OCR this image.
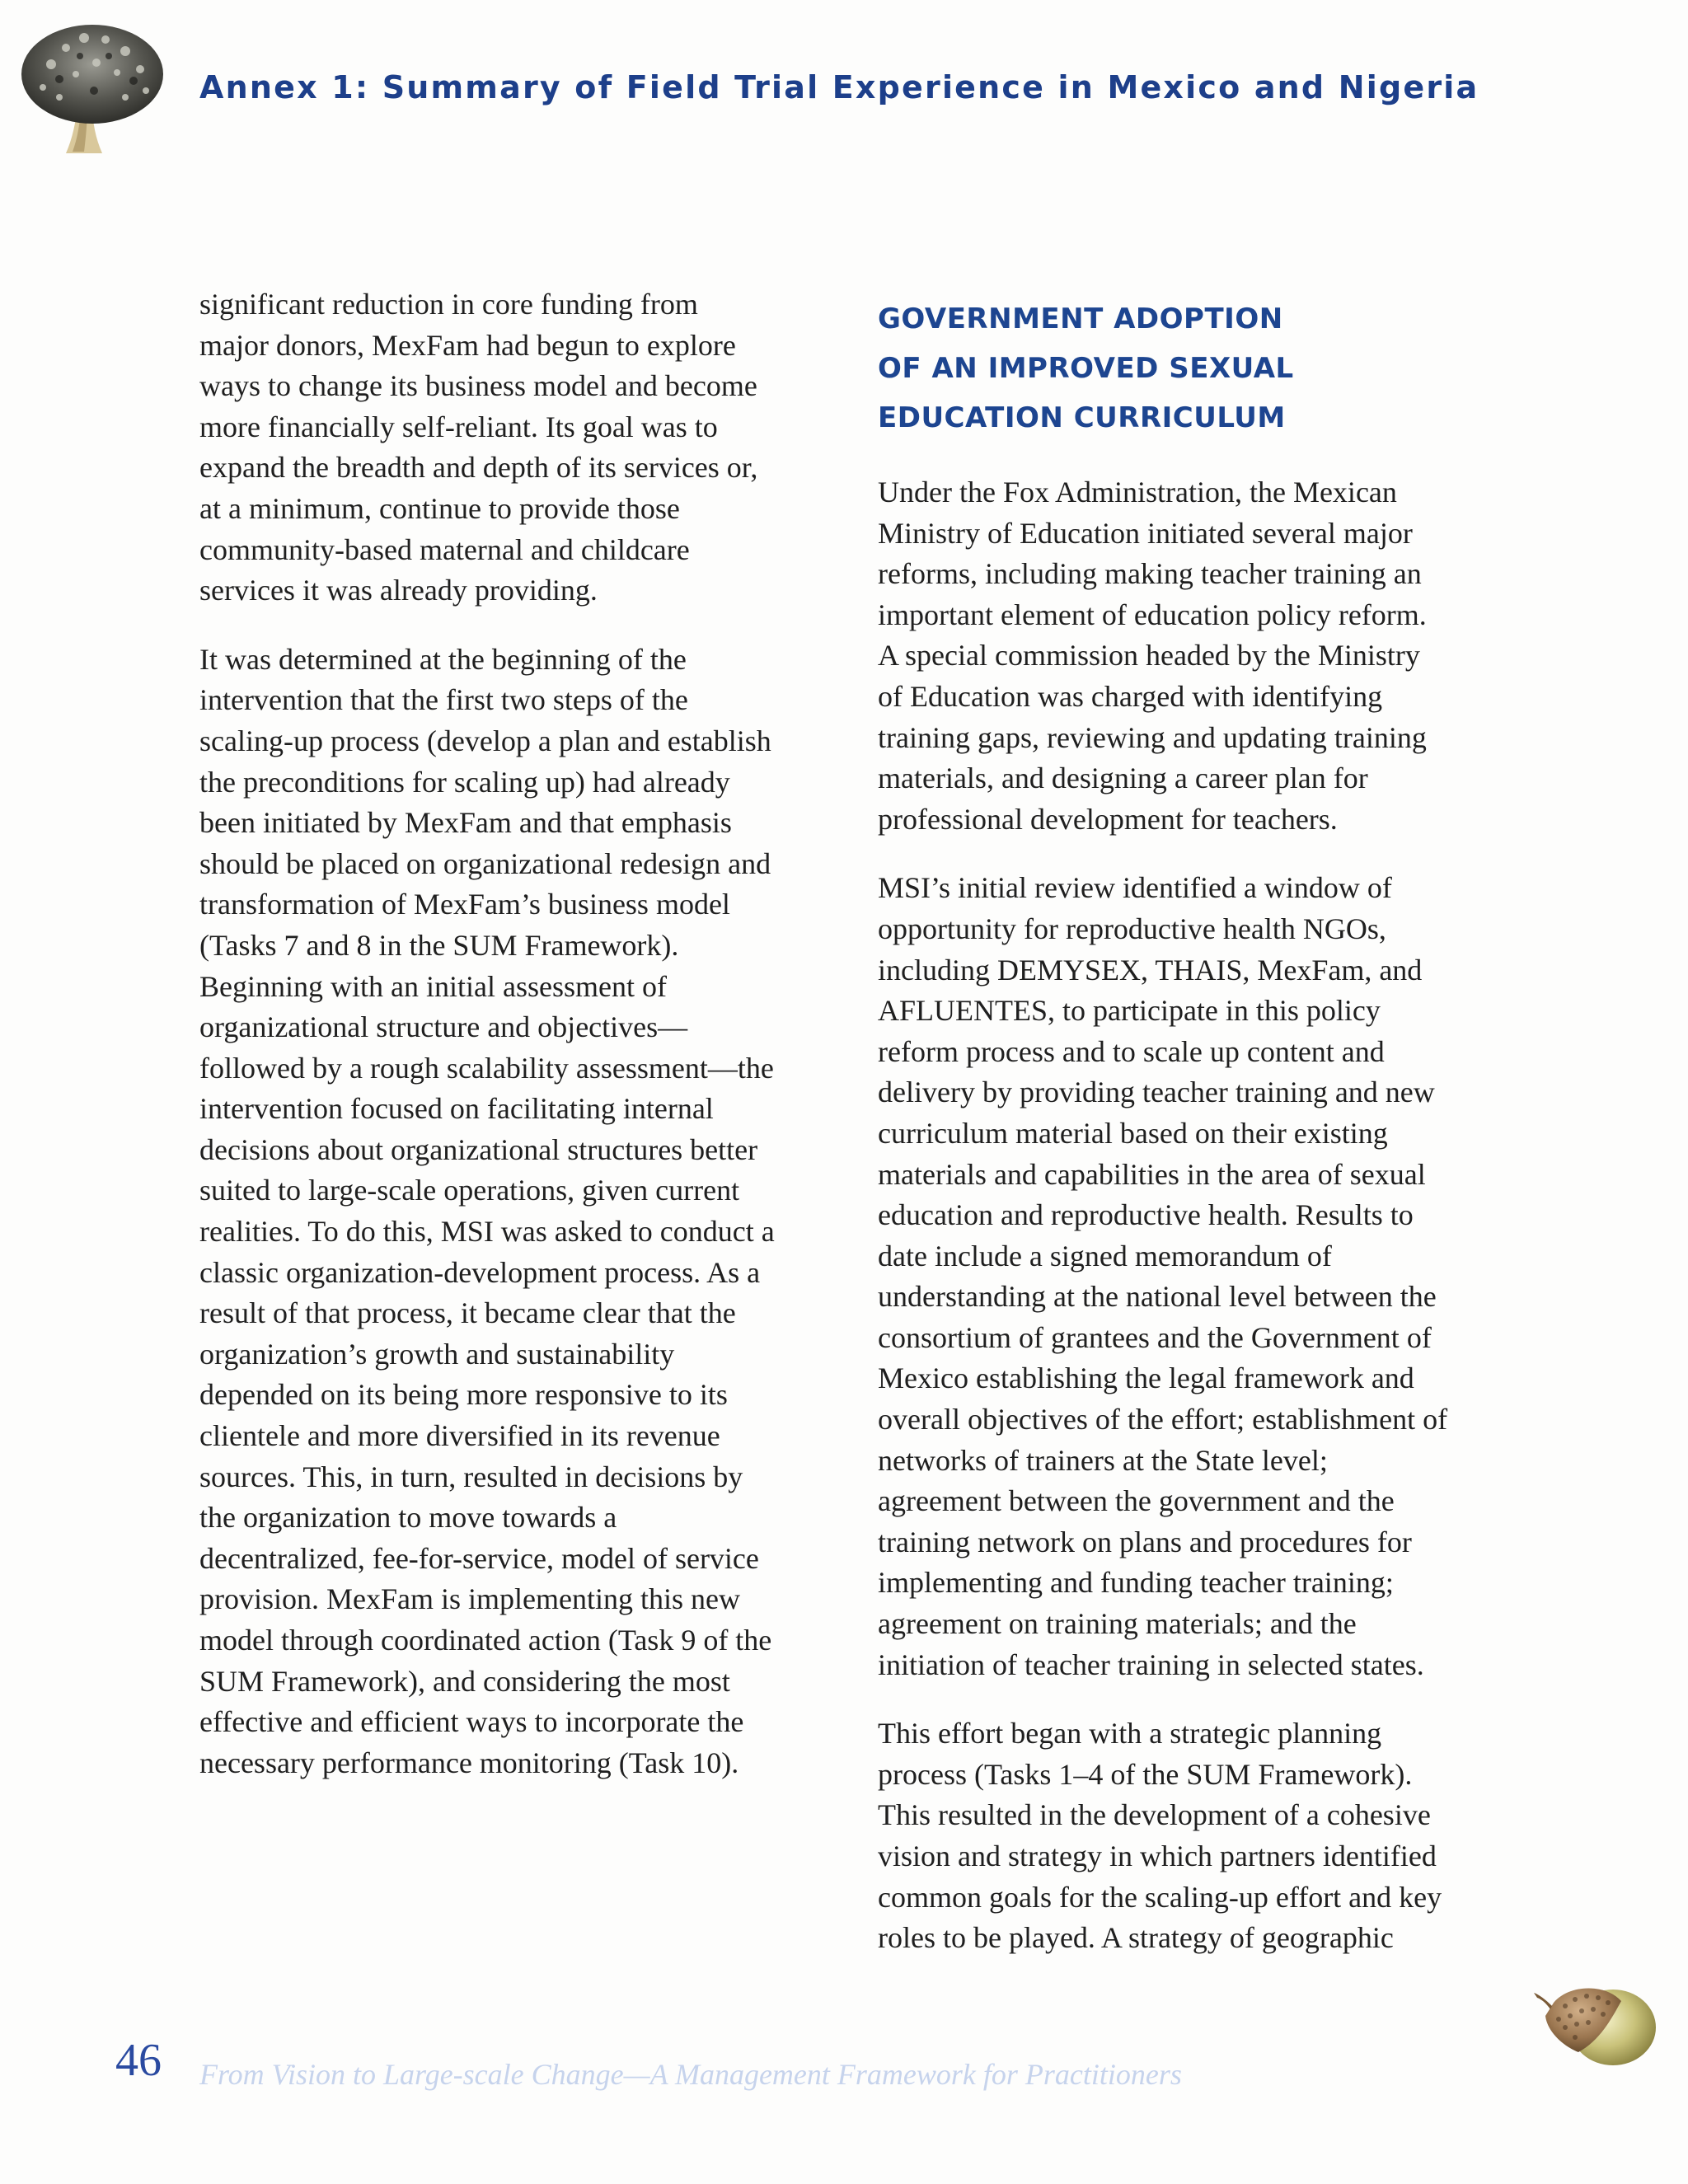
Annex 1: Summary of Field Trial Experience in Mexico and Nigeria

significant reduction in core funding from
major donors, MexFam had begun to explore
ways to change its business model and become
more financially self-reliant. Its goal was to
expand the breadth and depth of its services or,
at a minimum, continue to provide those
community-based maternal and childcare
services it was already providing.

It was determined at the beginning of the
intervention that the first two steps of the
scaling-up process (develop a plan and establish
the preconditions for scaling up) had already
been initiated by MexFam and that emphasis
should be placed on organizational redesign and
transformation of MexFam’s business model
(Tasks 7 and 8 in the SUM Framework).
Beginning with an initial assessment of
organizational structure and objectives—
followed by a rough scalability assessment—the
intervention focused on facilitating internal
decisions about organizational structures better
suited to large-scale operations, given current
realities. To do this, MSI was asked to conduct a
classic organization-development process. As a
result of that process, it became clear that the
organization’s growth and sustainability
depended on its being more responsive to its
clientele and more diversified in its revenue
sources. This, in turn, resulted in decisions by
the organization to move towards a
decentralized, fee-for-service, model of service
provision. MexFam is implementing this new
model through coordinated action (Task 9 of the
SUM Framework), and considering the most
effective and efficient ways to incorporate the
necessary performance monitoring (Task 10).

GOVERNMENT ADOPTION
OF AN IMPROVED SEXUAL
EDUCATION CURRICULUM

Under the Fox Administration, the Mexican
Ministry of Education initiated several major
reforms, including making teacher training an
important element of education policy reform.
A special commission headed by the Ministry
of Education was charged with identifying
training gaps, reviewing and updating training
materials, and designing a career plan for
professional development for teachers.

MSI’s initial review identified a window of
opportunity for reproductive health NGOs,
including DEMYSEX, THAIS, MexFam, and
AFLUENTES, to participate in this policy
reform process and to scale up content and
delivery by providing teacher training and new
curriculum material based on their existing
materials and capabilities in the area of sexual
education and reproductive health. Results to
date include a signed memorandum of
understanding at the national level between the
consortium of grantees and the Government of
Mexico establishing the legal framework and
overall objectives of the effort; establishment of
networks of trainers at the State level;
agreement between the government and the
training network on plans and procedures for
implementing and funding teacher training;
agreement on training materials; and the
initiation of teacher training in selected states.

This effort began with a strategic planning
process (Tasks 1–4 of the SUM Framework).
This resulted in the development of a cohesive
vision and strategy in which partners identified
common goals for the scaling-up effort and key
roles to be played. A strategy of geographic

46 From Vision to Large-scale Change—A Management Framework for Practitioners
